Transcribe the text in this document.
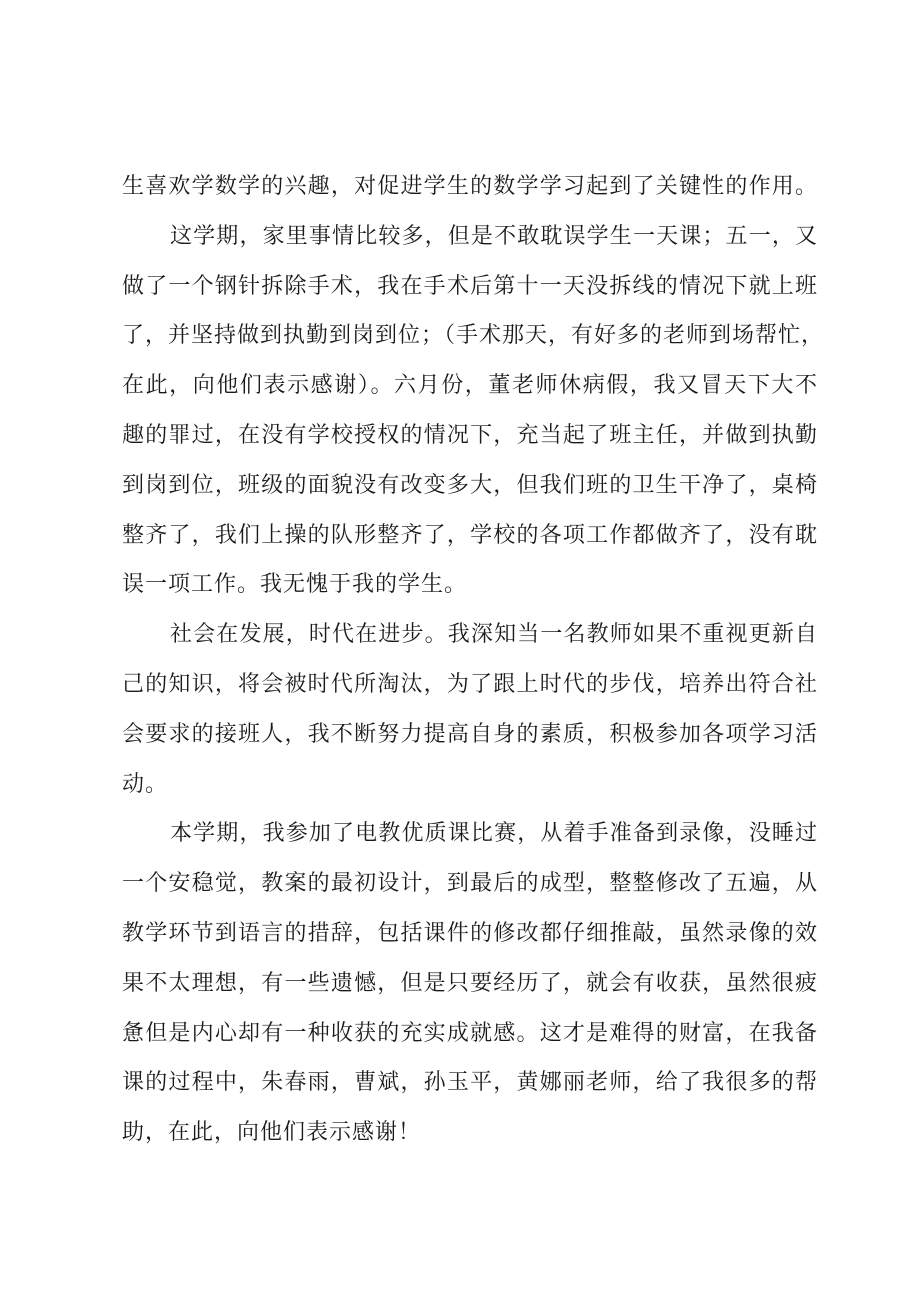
生喜欢学数学的兴趣，对促进学生的数学学习起到了关键性的作用。
这学期，家里事情比较多，但是不敢耽误学生一天课；五一，又
做了一个钢针拆除手术，我在手术后第十一天没拆线的情况下就上班
了，并坚持做到执勤到岗到位；（手术那天，有好多的老师到场帮忙，
在此，向他们表示感谢）。六月份，董老师休病假，我又冒天下大不
趣的罪过，在没有学校授权的情况下，充当起了班主任，并做到执勤
到岗到位，班级的面貌没有改变多大，但我们班的卫生干净了，桌椅
整齐了，我们上操的队形整齐了，学校的各项工作都做齐了，没有耽
误一项工作。我无愧于我的学生。
社会在发展，时代在进步。我深知当一名教师如果不重视更新自
己的知识，将会被时代所淘汰，为了跟上时代的步伐，培养出符合社
会要求的接班人，我不断努力提高自身的素质，积极参加各项学习活
动。
本学期，我参加了电教优质课比赛，从着手准备到录像，没睡过
一个安稳觉，教案的最初设计，到最后的成型，整整修改了五遍，从
教学环节到语言的措辞，包括课件的修改都仔细推敲，虽然录像的效
果不太理想，有一些遗憾，但是只要经历了，就会有收获，虽然很疲
惫但是内心却有一种收获的充实成就感。这才是难得的财富，在我备
课的过程中，朱春雨，曹斌，孙玉平，黄娜丽老师，给了我很多的帮
助，在此，向他们表示感谢！
